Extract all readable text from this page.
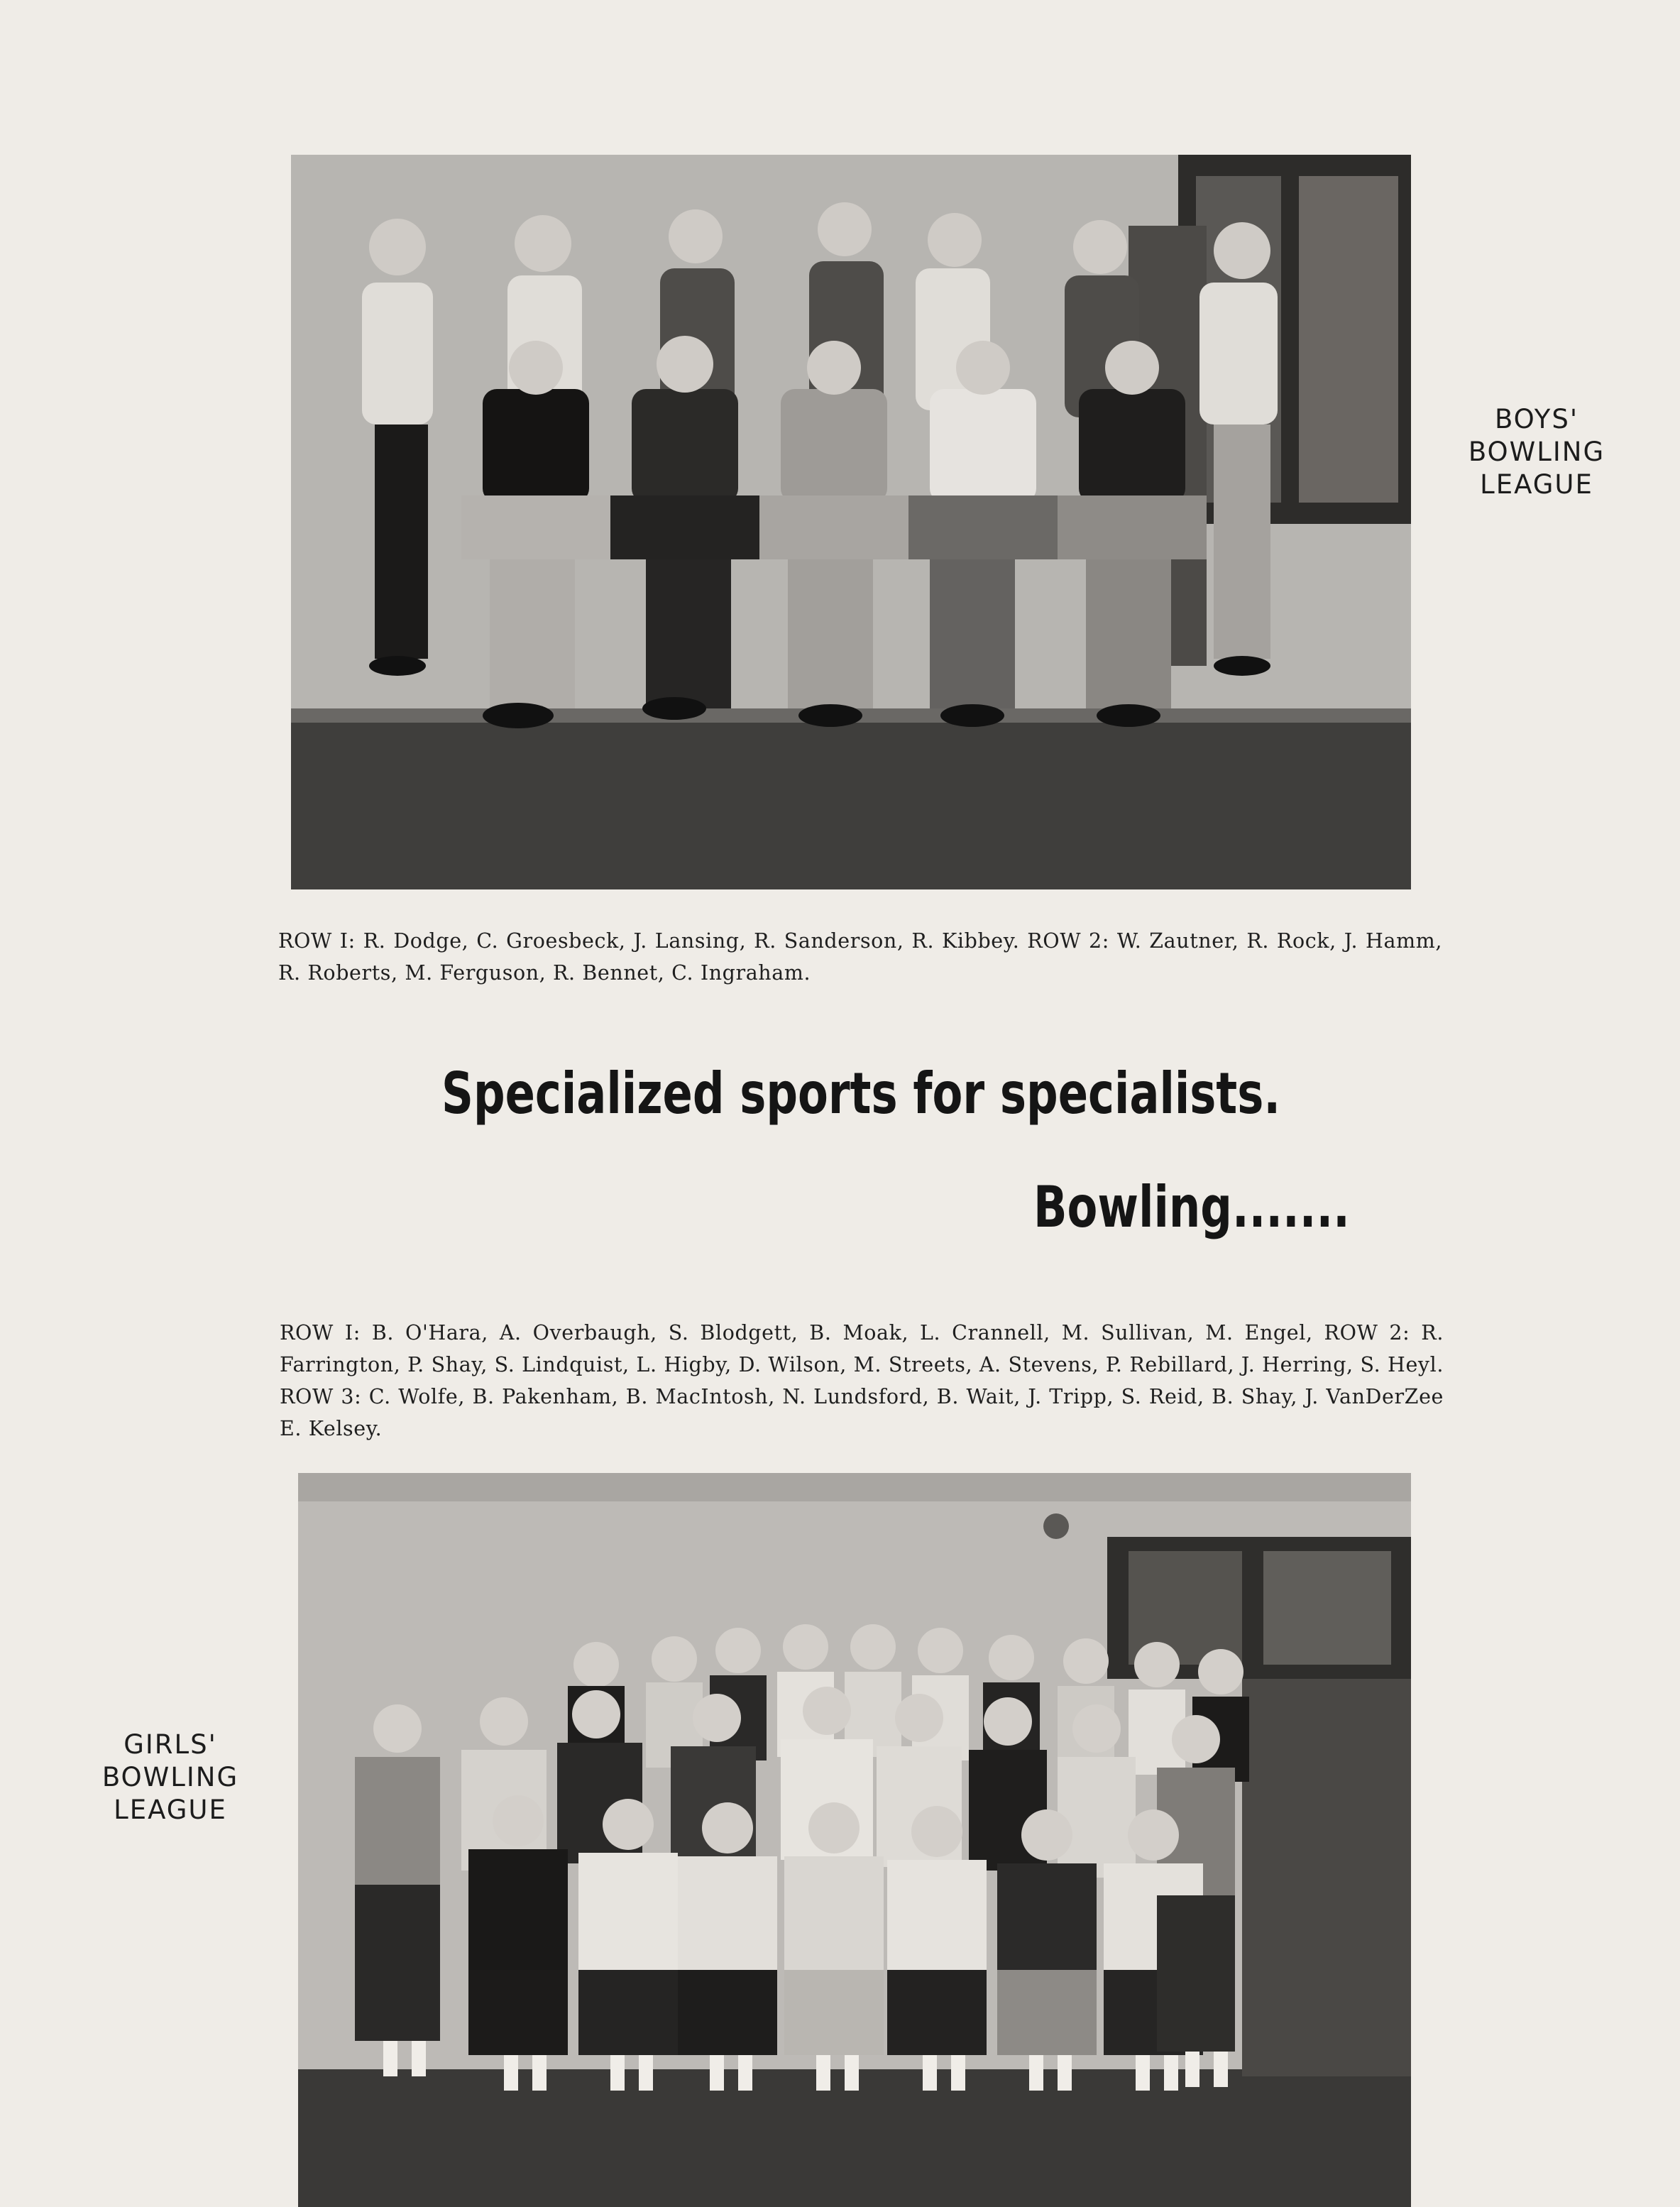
BOYS'
BOWLING
LEAGUE
ROW I: R. Dodge, C. Groesbeck, J. Lansing, R. Sanderson, R. Kibbey. ROW 2: W. Zautner, R. Rock, J. Hamm, R. Roberts, M. Ferguson, R. Bennet, C. Ingraham.
Specialized sports for specialists.
Bowling.......
ROW I: B. O'Hara, A. Overbaugh, S. Blodgett, B. Moak, L. Crannell, M. Sullivan, M. Engel, ROW 2: R. Farrington, P. Shay, S. Lindquist, L. Higby, D. Wilson, M. Streets, A. Stevens, P. Rebillard, J. Herring, S. Heyl. ROW 3: C. Wolfe, B. Pakenham, B. MacIntosh, N. Lundsford, B. Wait, J. Tripp, S. Reid, B. Shay, J. VanDerZee E. Kelsey.
GIRLS'
BOWLING
LEAGUE
